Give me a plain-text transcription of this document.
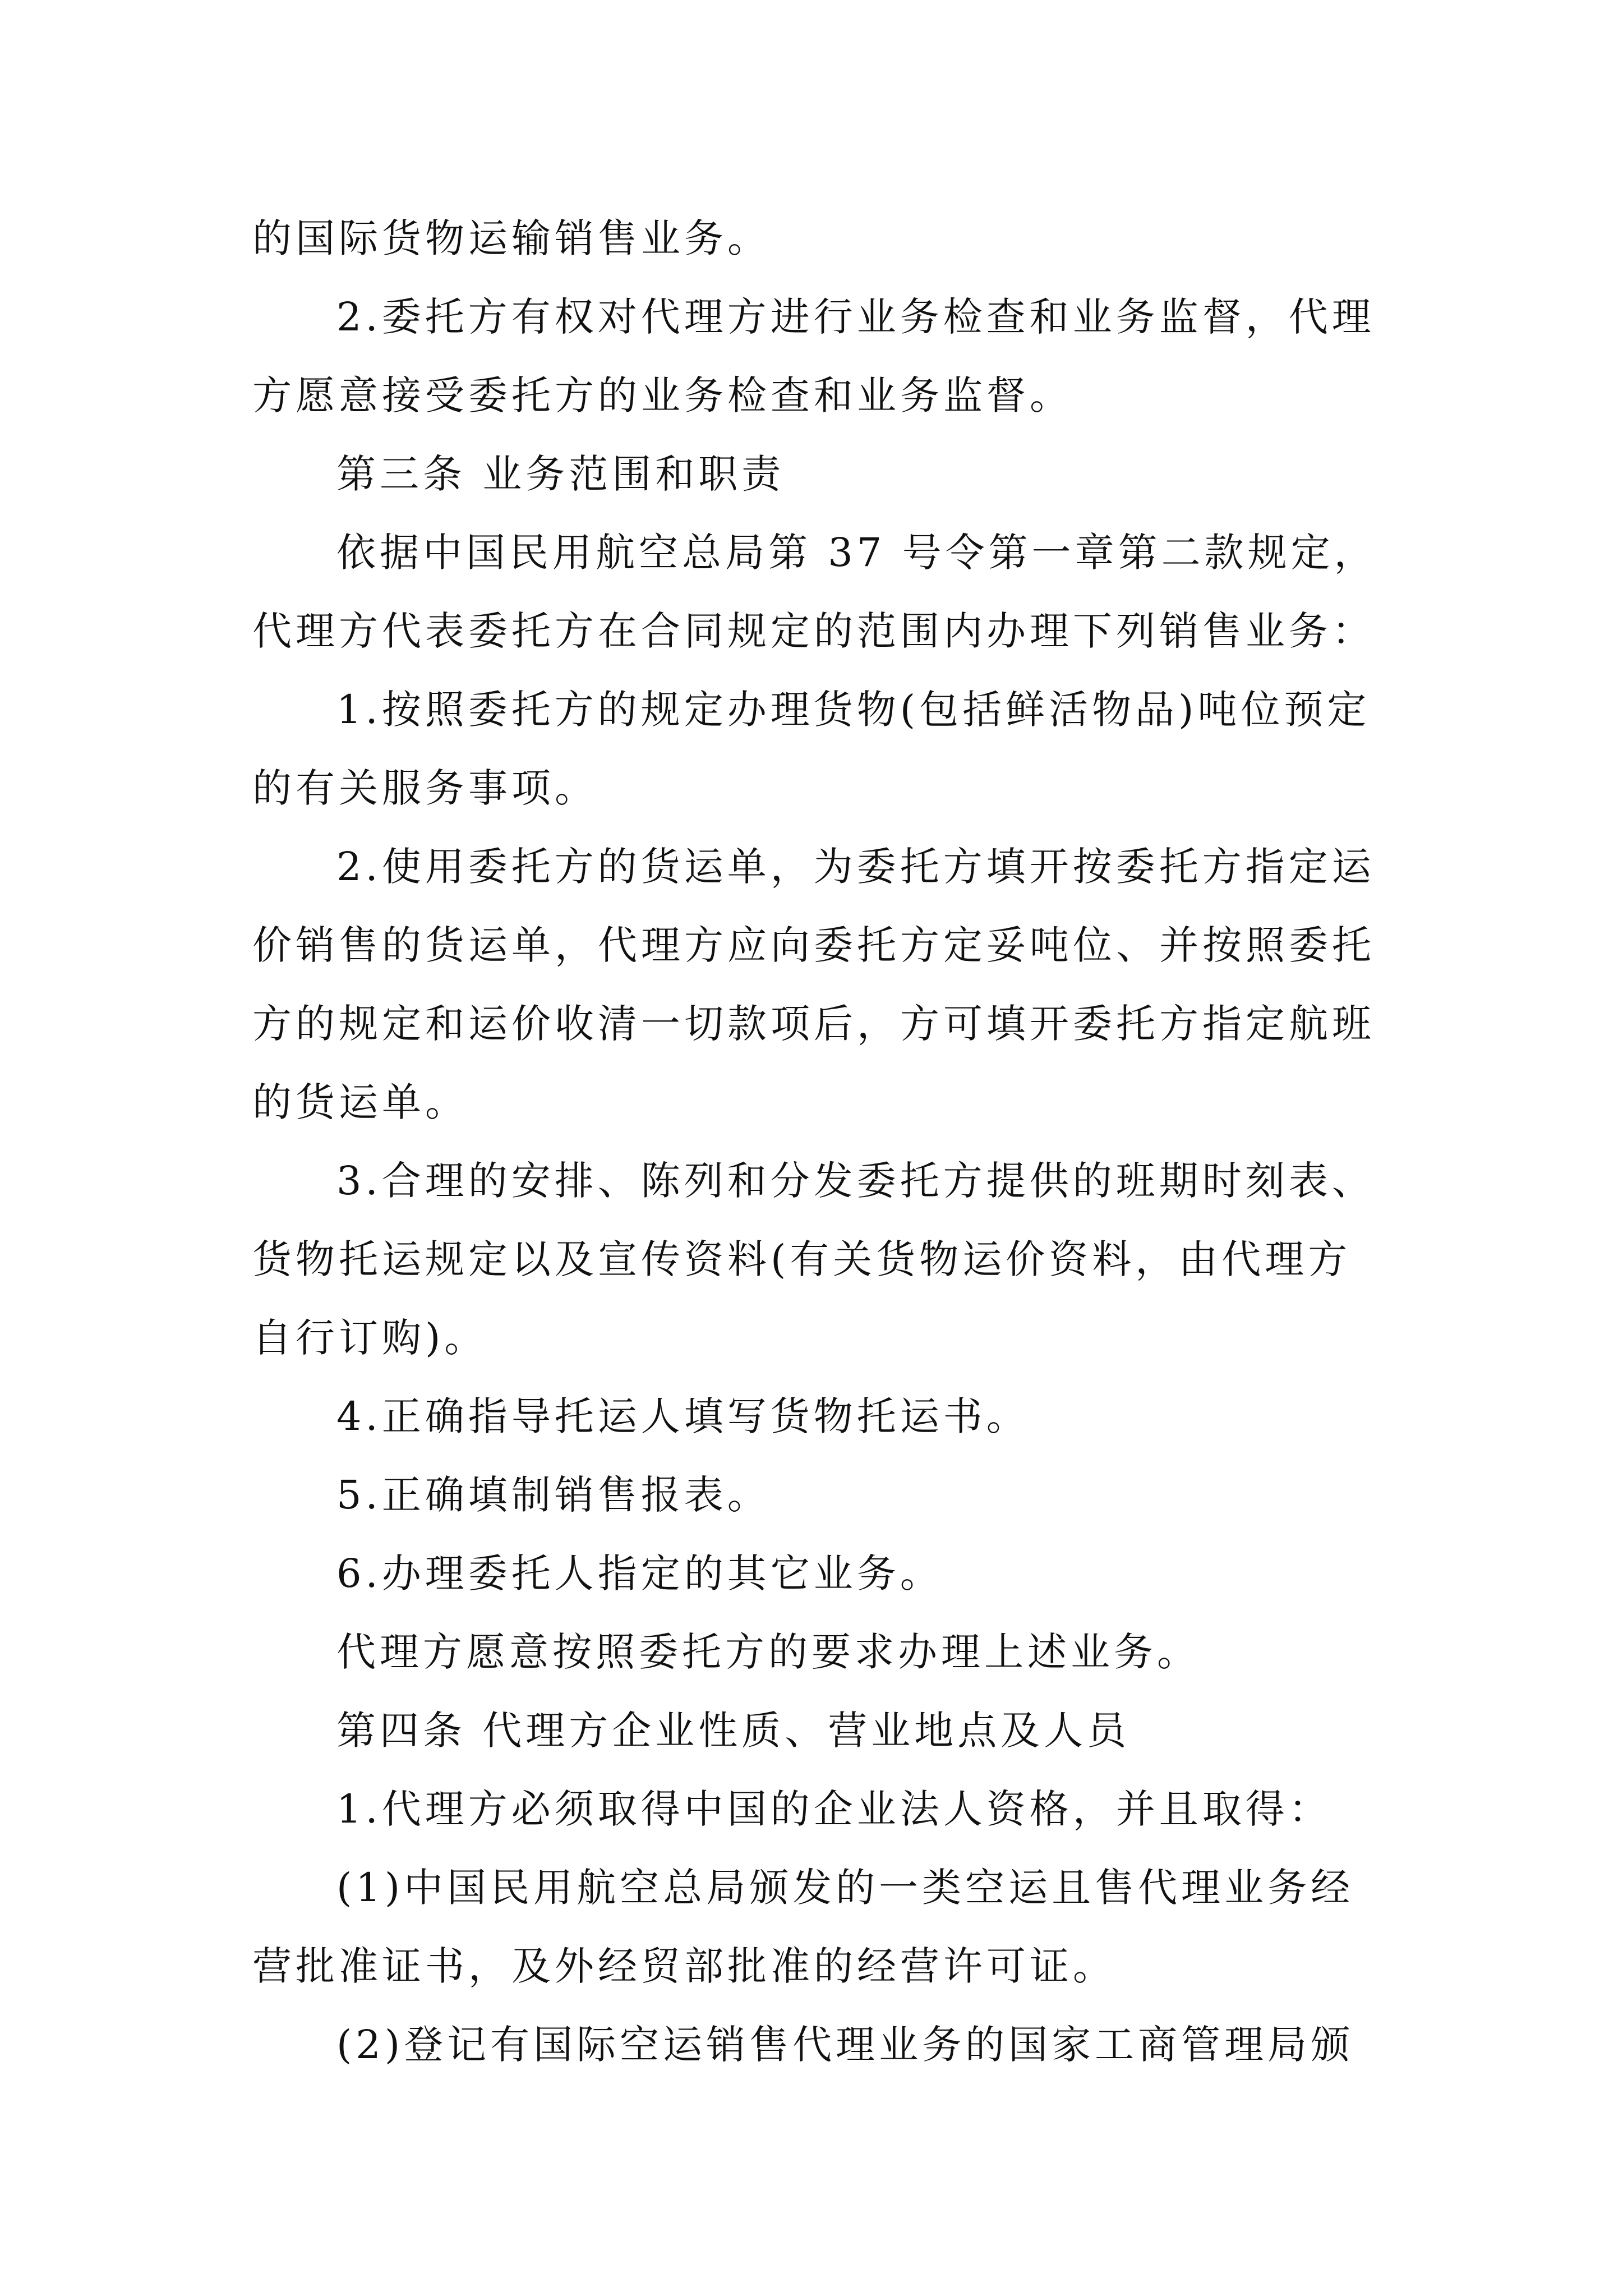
的国际货物运输销售业务。
2.委托方有权对代理方进行业务检查和业务监督，代理
方愿意接受委托方的业务检查和业务监督。
第三条 业务范围和职责
依据中国民用航空总局第 37 号令第一章第二款规定，
代理方代表委托方在合同规定的范围内办理下列销售业务：
1.按照委托方的规定办理货物(包括鲜活物品)吨位预定
的有关服务事项。
2.使用委托方的货运单，为委托方填开按委托方指定运
价销售的货运单，代理方应向委托方定妥吨位、并按照委托
方的规定和运价收清一切款项后，方可填开委托方指定航班
的货运单。
3.合理的安排、陈列和分发委托方提供的班期时刻表、
货物托运规定以及宣传资料(有关货物运价资料，由代理方
自行订购)。
4.正确指导托运人填写货物托运书。
5.正确填制销售报表。
6.办理委托人指定的其它业务。
代理方愿意按照委托方的要求办理上述业务。
第四条 代理方企业性质、营业地点及人员
1.代理方必须取得中国的企业法人资格，并且取得：
(1)中国民用航空总局颁发的一类空运且售代理业务经
营批准证书，及外经贸部批准的经营许可证。
(2)登记有国际空运销售代理业务的国家工商管理局颁
